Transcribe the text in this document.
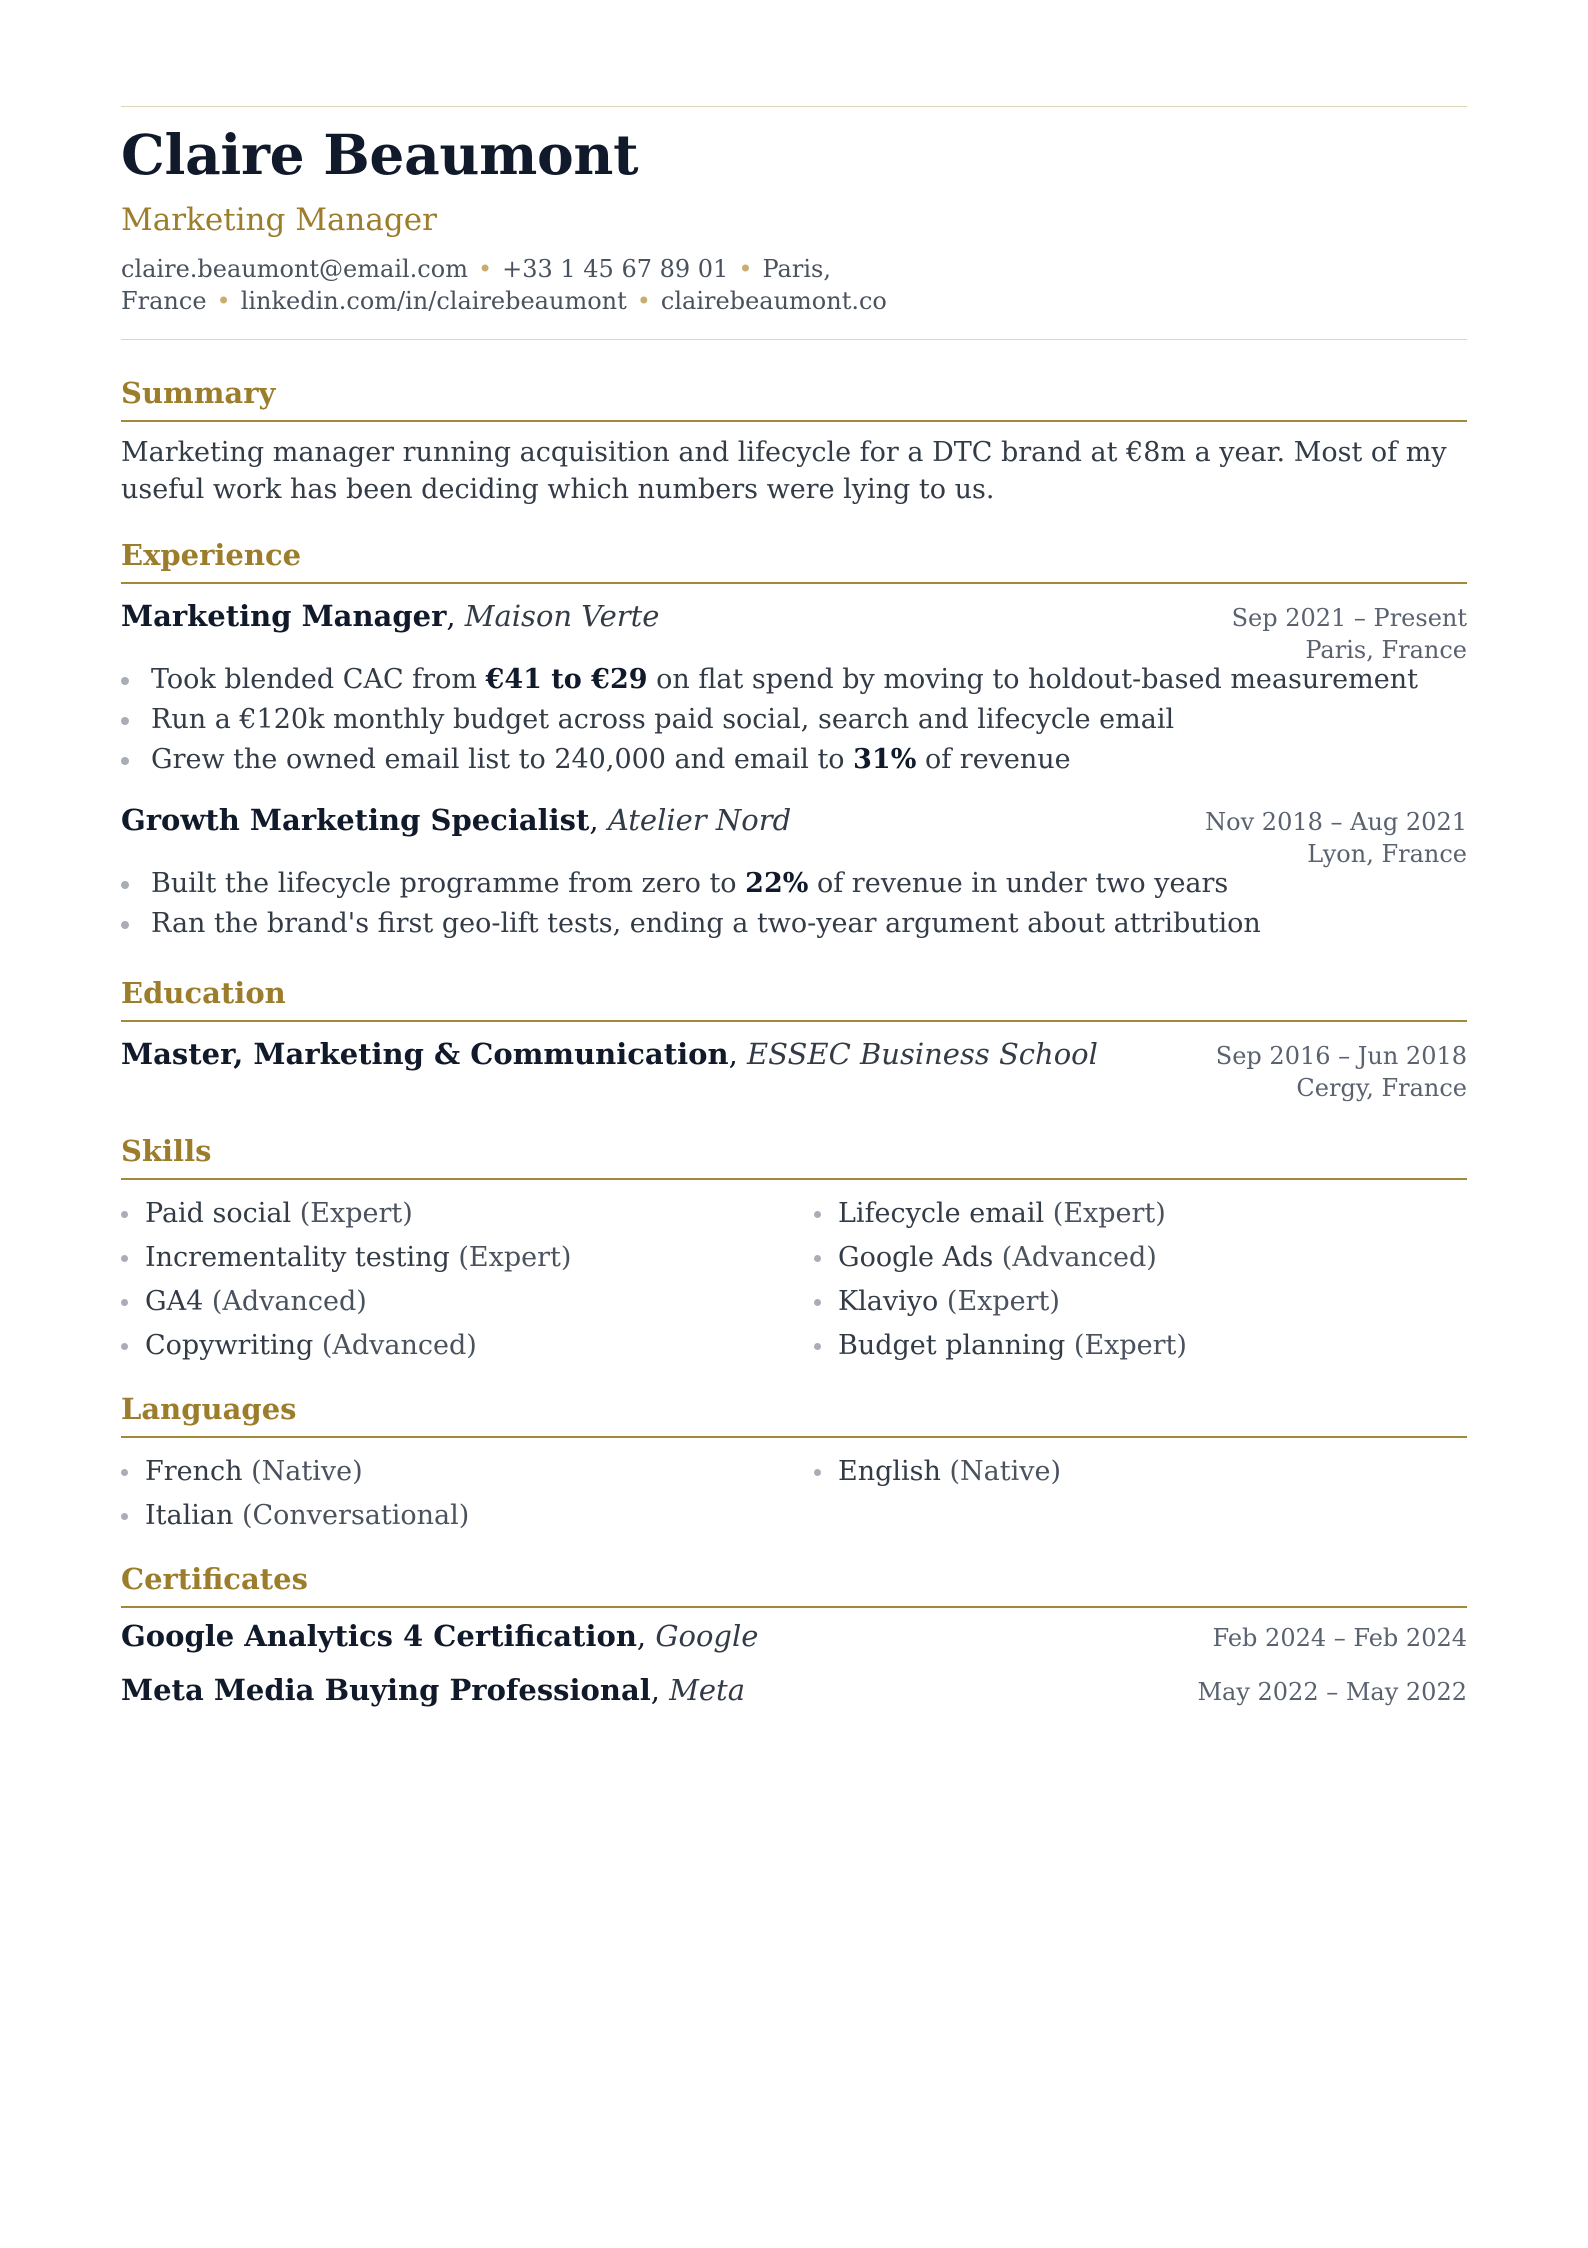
Claire Beaumont
Marketing Manager
claire.beaumont@email.com • +33 1 45 67 89 01 • Paris,
France • linkedin.com/in/clairebeaumont • clairebeaumont.co
Summary
Marketing manager running acquisition and lifecycle for a DTC brand at €8m a year. Most of my useful work has been deciding which numbers were lying to us.
Experience
Marketing Manager, Maison Verte	Sep 2021 – Present
Paris, France
Took blended CAC from €41 to €29 on flat spend by moving to holdout-based measurement
Run a €120k monthly budget across paid social, search and lifecycle email
Grew the owned email list to 240,000 and email to 31% of revenue
Growth Marketing Specialist, Atelier Nord	Nov 2018 – Aug 2021
Lyon, France
Built the lifecycle programme from zero to 22% of revenue in under two years
Ran the brand's first geo-lift tests, ending a two-year argument about attribution
Education
Master, Marketing & Communication, ESSEC Business School	Sep 2016 – Jun 2018
Cergy, France
Skills
Paid social (Expert)	Lifecycle email (Expert)
Incrementality testing (Expert)	Google Ads (Advanced)
GA4 (Advanced)	Klaviyo (Expert)
Copywriting (Advanced)	Budget planning (Expert)
Languages
French (Native)	English (Native)
Italian (Conversational)
Certificates
Google Analytics 4 Certification, Google	Feb 2024 – Feb 2024
Meta Media Buying Professional, Meta	May 2022 – May 2022
